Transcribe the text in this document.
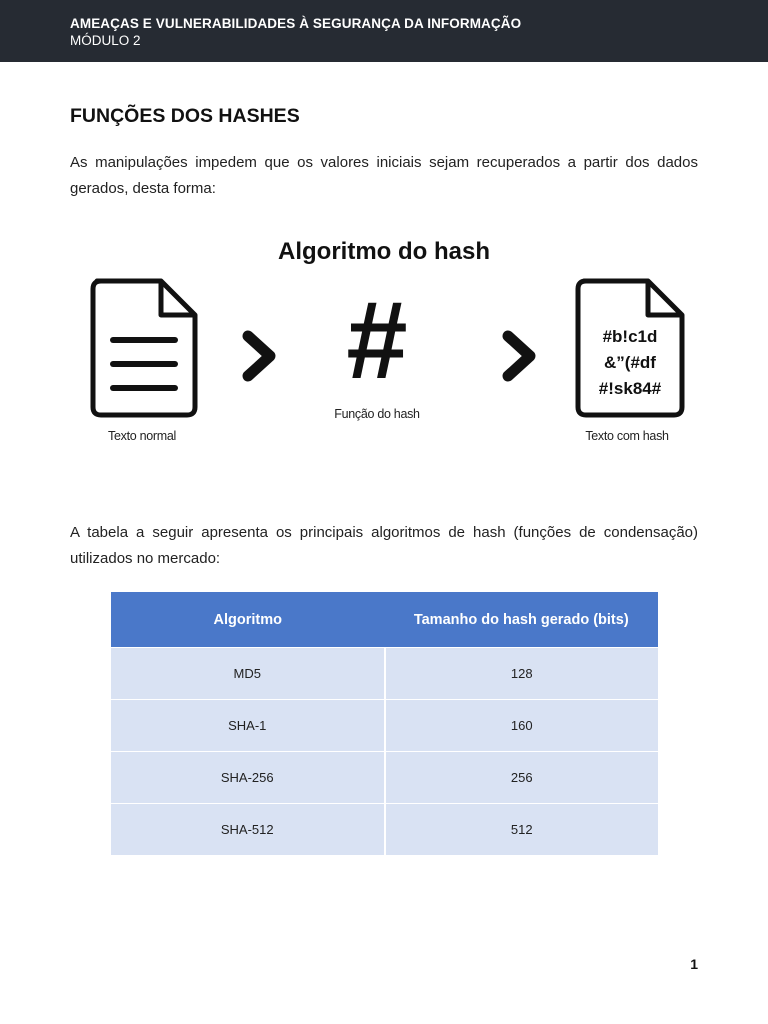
AMEAÇAS E VULNERABILIDADES À SEGURANÇA DA INFORMAÇÃO
MÓDULO 2
FUNÇÕES DOS HASHES

As manipulações impedem que os valores iniciais sejam recuperados a partir dos dados gerados, desta forma:

Algoritmo do hash
#	#b!c1d
&”(#df
#!sk84#
Texto normal
Função do hash
Texto com hash

A tabela a seguir apresenta os principais algoritmos de hash (funções de condensação) utilizados no mercado:

Algoritmo	Tamanho do hash gerado (bits)
MD5	128
SHA-1	160
SHA-256	256
SHA-512	512
1
